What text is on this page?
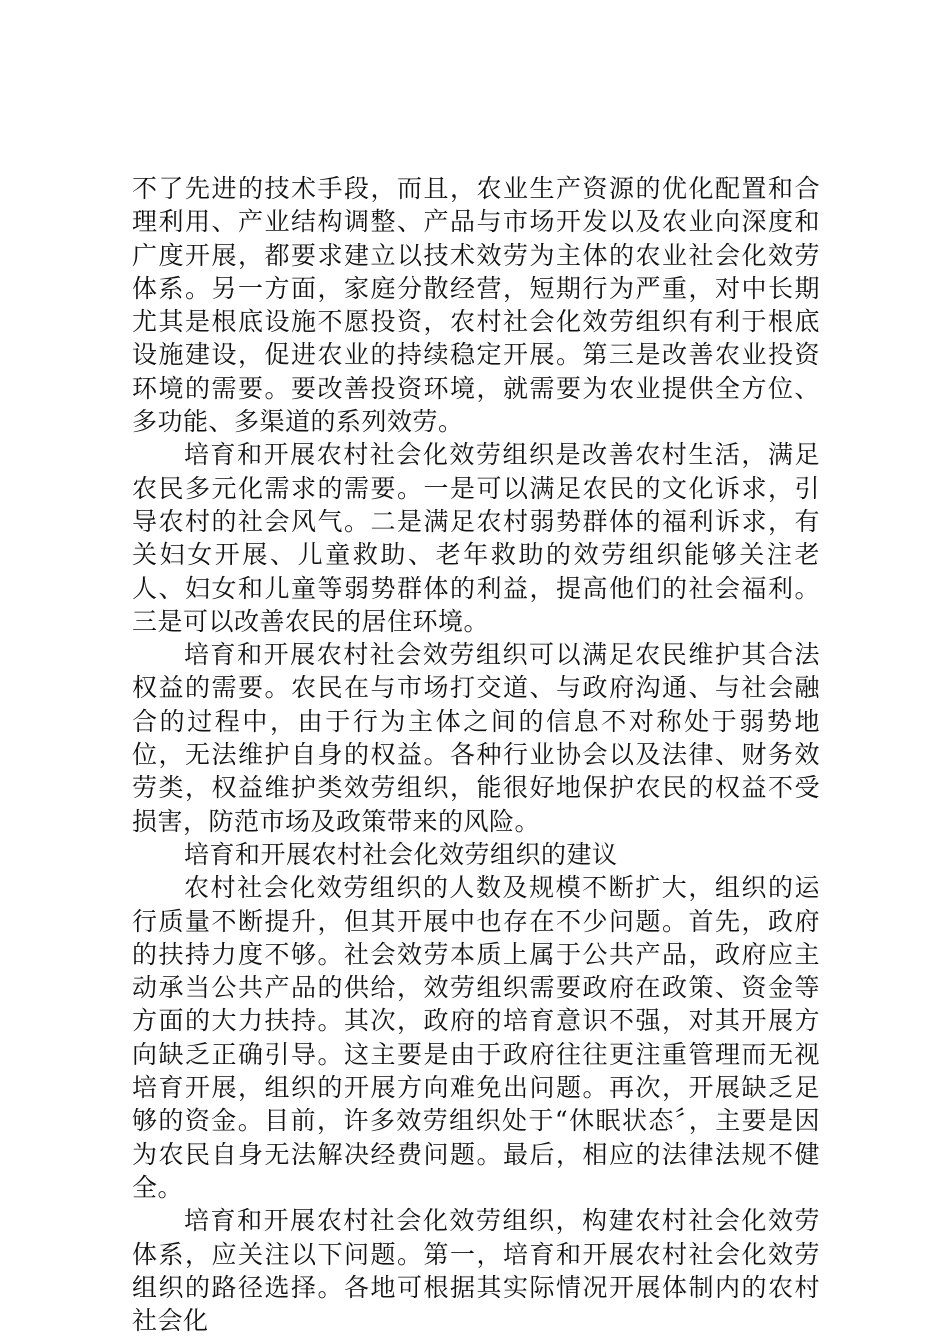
不了先进的技术手段，而且，农业生产资源的优化配置和合理利用、产业结构调整、产品与市场开发以及农业向深度和广度开展，都要求建立以技术效劳为主体的农业社会化效劳体系。另一方面，家庭分散经营，短期行为严重，对中长期尤其是根底设施不愿投资，农村社会化效劳组织有利于根底设施建设，促进农业的持续稳定开展。第三是改善农业投资环境的需要。要改善投资环境，就需要为农业提供全方位、多功能、多渠道的系列效劳。

培育和开展农村社会化效劳组织是改善农村生活，满足农民多元化需求的需要。一是可以满足农民的文化诉求，引导农村的社会风气。二是满足农村弱势群体的福利诉求，有关妇女开展、儿童救助、老年救助的效劳组织能够关注老人、妇女和儿童等弱势群体的利益，提高他们的社会福利。三是可以改善农民的居住环境。

培育和开展农村社会效劳组织可以满足农民维护其合法权益的需要。农民在与市场打交道、与政府沟通、与社会融合的过程中，由于行为主体之间的信息不对称处于弱势地位，无法维护自身的权益。各种行业协会以及法律、财务效劳类，权益维护类效劳组织，能很好地保护农民的权益不受损害，防范市场及政策带来的风险。

培育和开展农村社会化效劳组织的建议

农村社会化效劳组织的人数及规模不断扩大，组织的运行质量不断提升，但其开展中也存在不少问题。首先，政府的扶持力度不够。社会效劳本质上属于公共产品，政府应主动承当公共产品的供给，效劳组织需要政府在政策、资金等方面的大力扶持。其次，政府的培育意识不强，对其开展方向缺乏正确引导。这主要是由于政府往往更注重管理而无视培育开展，组织的开展方向难免出问题。再次，开展缺乏足够的资金。目前，许多效劳组织处于“休眠状态〞，主要是因为农民自身无法解决经费问题。最后，相应的法律法规不健全。

培育和开展农村社会化效劳组织，构建农村社会化效劳体系，应关注以下问题。第一，培育和开展农村社会化效劳组织的路径选择。各地可根据其实际情况开展体制内的农村社会化
